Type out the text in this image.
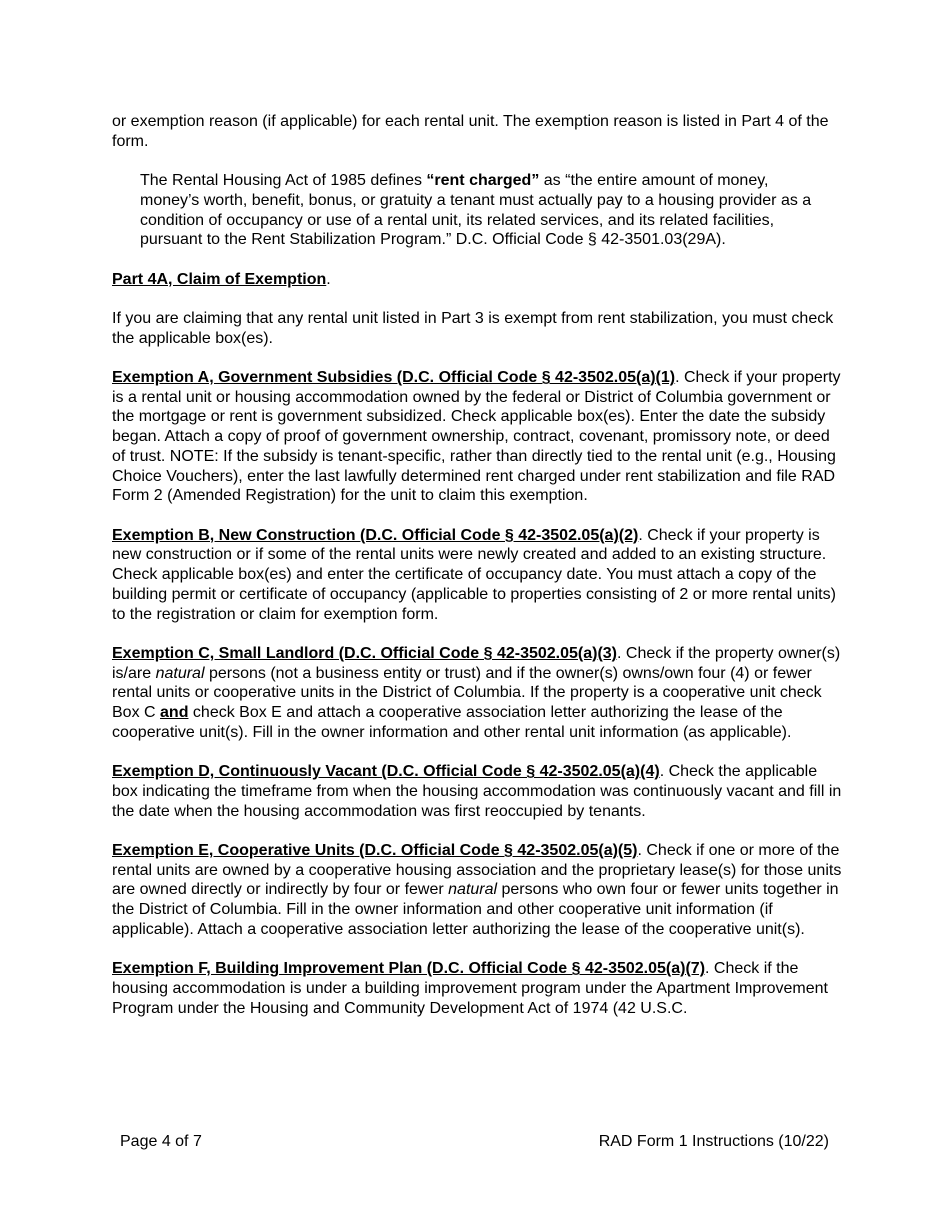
or exemption reason (if applicable) for each rental unit. The exemption reason is listed in Part 4 of the form.

The Rental Housing Act of 1985 defines “rent charged” as “the entire amount of money, money’s worth, benefit, bonus, or gratuity a tenant must actually pay to a housing provider as a condition of occupancy or use of a rental unit, its related services, and its related facilities, pursuant to the Rent Stabilization Program.” D.C. Official Code § 42-3501.03(29A).

Part 4A, Claim of Exemption.

If you are claiming that any rental unit listed in Part 3 is exempt from rent stabilization, you must check the applicable box(es).

Exemption A, Government Subsidies (D.C. Official Code § 42-3502.05(a)(1). Check if your property is a rental unit or housing accommodation owned by the federal or District of Columbia government or the mortgage or rent is government subsidized. Check applicable box(es). Enter the date the subsidy began. Attach a copy of proof of government ownership, contract, covenant, promissory note, or deed of trust. NOTE: If the subsidy is tenant-specific, rather than directly tied to the rental unit (e.g., Housing Choice Vouchers), enter the last lawfully determined rent charged under rent stabilization and file RAD Form 2 (Amended Registration) for the unit to claim this exemption.

Exemption B, New Construction (D.C. Official Code § 42-3502.05(a)(2). Check if your property is new construction or if some of the rental units were newly created and added to an existing structure. Check applicable box(es) and enter the certificate of occupancy date. You must attach a copy of the building permit or certificate of occupancy (applicable to properties consisting of 2 or more rental units) to the registration or claim for exemption form.

Exemption C, Small Landlord (D.C. Official Code § 42-3502.05(a)(3). Check if the property owner(s) is/are natural persons (not a business entity or trust) and if the owner(s) owns/own four (4) or fewer rental units or cooperative units in the District of Columbia. If the property is a cooperative unit check Box C and check Box E and attach a cooperative association letter authorizing the lease of the cooperative unit(s). Fill in the owner information and other rental unit information (as applicable).

Exemption D, Continuously Vacant (D.C. Official Code § 42-3502.05(a)(4). Check the applicable box indicating the timeframe from when the housing accommodation was continuously vacant and fill in the date when the housing accommodation was first reoccupied by tenants.

Exemption E, Cooperative Units (D.C. Official Code § 42-3502.05(a)(5). Check if one or more of the rental units are owned by a cooperative housing association and the proprietary lease(s) for those units are owned directly or indirectly by four or fewer natural persons who own four or fewer units together in the District of Columbia. Fill in the owner information and other cooperative unit information (if applicable). Attach a cooperative association letter authorizing the lease of the cooperative unit(s).

Exemption F, Building Improvement Plan (D.C. Official Code § 42-3502.05(a)(7). Check if the housing accommodation is under a building improvement program under the Apartment Improvement Program under the Housing and Community Development Act of 1974 (42 U.S.C.

Page 4 of 7	RAD Form 1 Instructions (10/22)
